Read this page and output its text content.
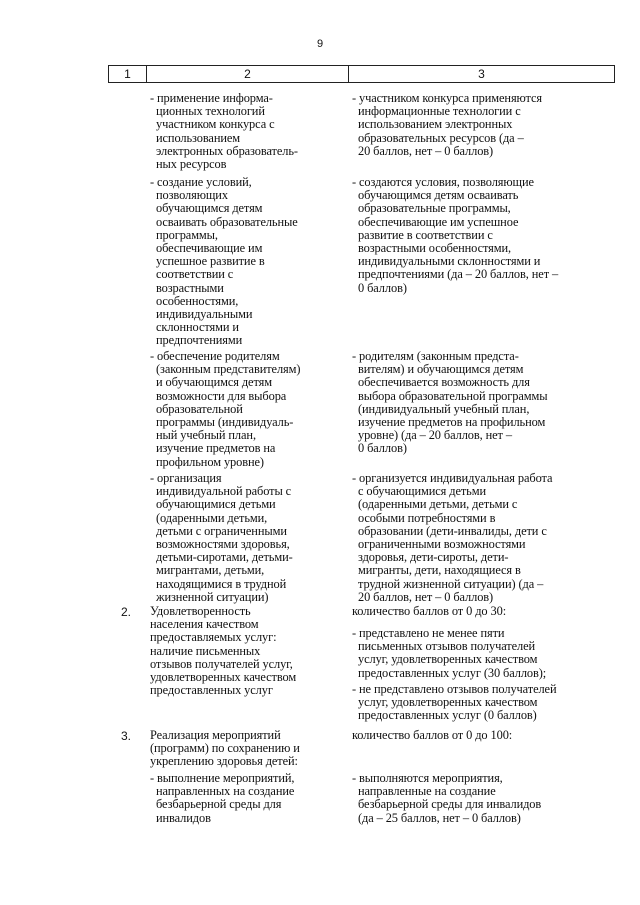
9
1	2	3
- применение информа-
ционных технологий
участником конкурса с
использованием
электронных образователь-
ных ресурсов
- участником конкурса применяются
информационные технологии с
использованием электронных
образовательных ресурсов (да –
20 баллов, нет – 0 баллов)
- создание условий,
позволяющих
обучающимся детям
осваивать образовательные
программы,
обеспечивающие им
успешное развитие в
соответствии с
возрастными
особенностями,
индивидуальными
склонностями и
предпочтениями
- создаются условия, позволяющие
обучающимся детям осваивать
образовательные программы,
обеспечивающие им успешное
развитие в соответствии с
возрастными особенностями,
индивидуальными склонностями и
предпочтениями (да – 20 баллов, нет –
0 баллов)
- обеспечение родителям
(законным представителям)
и обучающимся детям
возможности для выбора
образовательной
программы (индивидуаль-
ный учебный план,
изучение предметов на
профильном уровне)
- родителям (законным предста-
вителям) и обучающимся детям
обеспечивается возможность для
выбора образовательной программы
(индивидуальный учебный план,
изучение предметов на профильном
уровне) (да – 20 баллов, нет –
0 баллов)
- организация
индивидуальной работы с
обучающимися детьми
(одаренными детьми,
детьми с ограниченными
возможностями здоровья,
детьми-сиротами, детьми-
мигрантами, детьми,
находящимися в трудной
жизненной ситуации)
- организуется индивидуальная работа
с обучающимися детьми
(одаренными детьми, детьми с
особыми потребностями в
образовании (дети-инвалиды, дети с
ограниченными возможностями
здоровья, дети-сироты, дети-
мигранты, дети, находящиеся в
трудной жизненной ситуации) (да –
20 баллов, нет – 0 баллов)
2. Удовлетворенность
населения качеством
предоставляемых услуг:
наличие письменных
отзывов получателей услуг,
удовлетворенных качеством
предоставленных услуг
количество баллов от 0 до 30:
- представлено не менее пяти
письменных отзывов получателей
услуг, удовлетворенных качеством
предоставленных услуг (30 баллов);
- не представлено отзывов получателей
услуг, удовлетворенных качеством
предоставленных услуг (0 баллов)
3. Реализация мероприятий
(программ) по сохранению и
укреплению здоровья детей:
количество баллов от 0 до 100:
- выполнение мероприятий,
направленных на создание
безбарьерной среды для
инвалидов
- выполняются мероприятия,
направленные на создание
безбарьерной среды для инвалидов
(да – 25 баллов, нет – 0 баллов)
